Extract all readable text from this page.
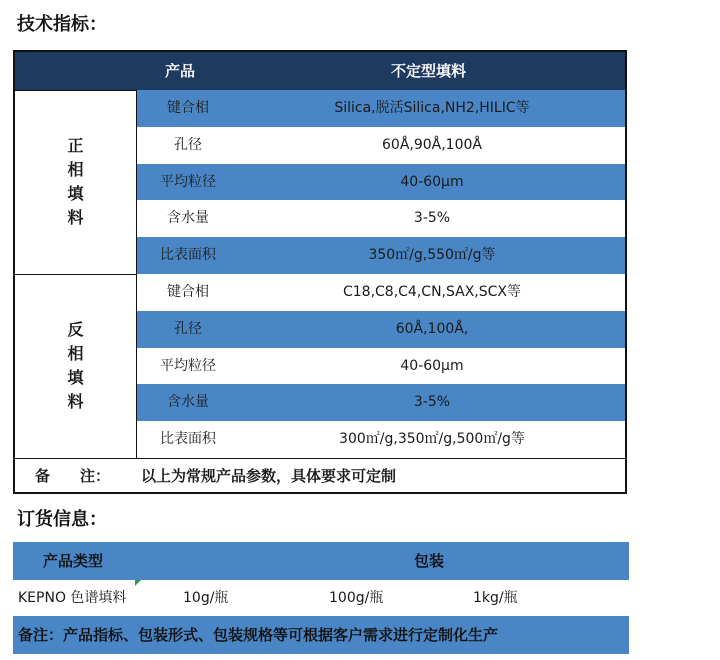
技术指标：
产品	不定型填料
正相填料
键合相	Silica,脱活Silica,NH2,HILIC等
孔径	60Å,90Å,100Å
平均粒径	40-60μm
含水量	3-5%
比表面积	350㎡/g,550㎡/g等
反相填料
键合相	C18,C8,C4,CN,SAX,SCX等
孔径	60Å,100Å,
平均粒径	40-60μm
含水量	3-5%
比表面积	300㎡/g,350㎡/g,500㎡/g等
备　　注： 以上为常规产品参数，具体要求可定制
订货信息：
产品类型	包装
KEPNO 色谱填料	10g/瓶	100g/瓶	1kg/瓶
备注：产品指标、包装形式、包装规格等可根据客户需求进行定制化生产
